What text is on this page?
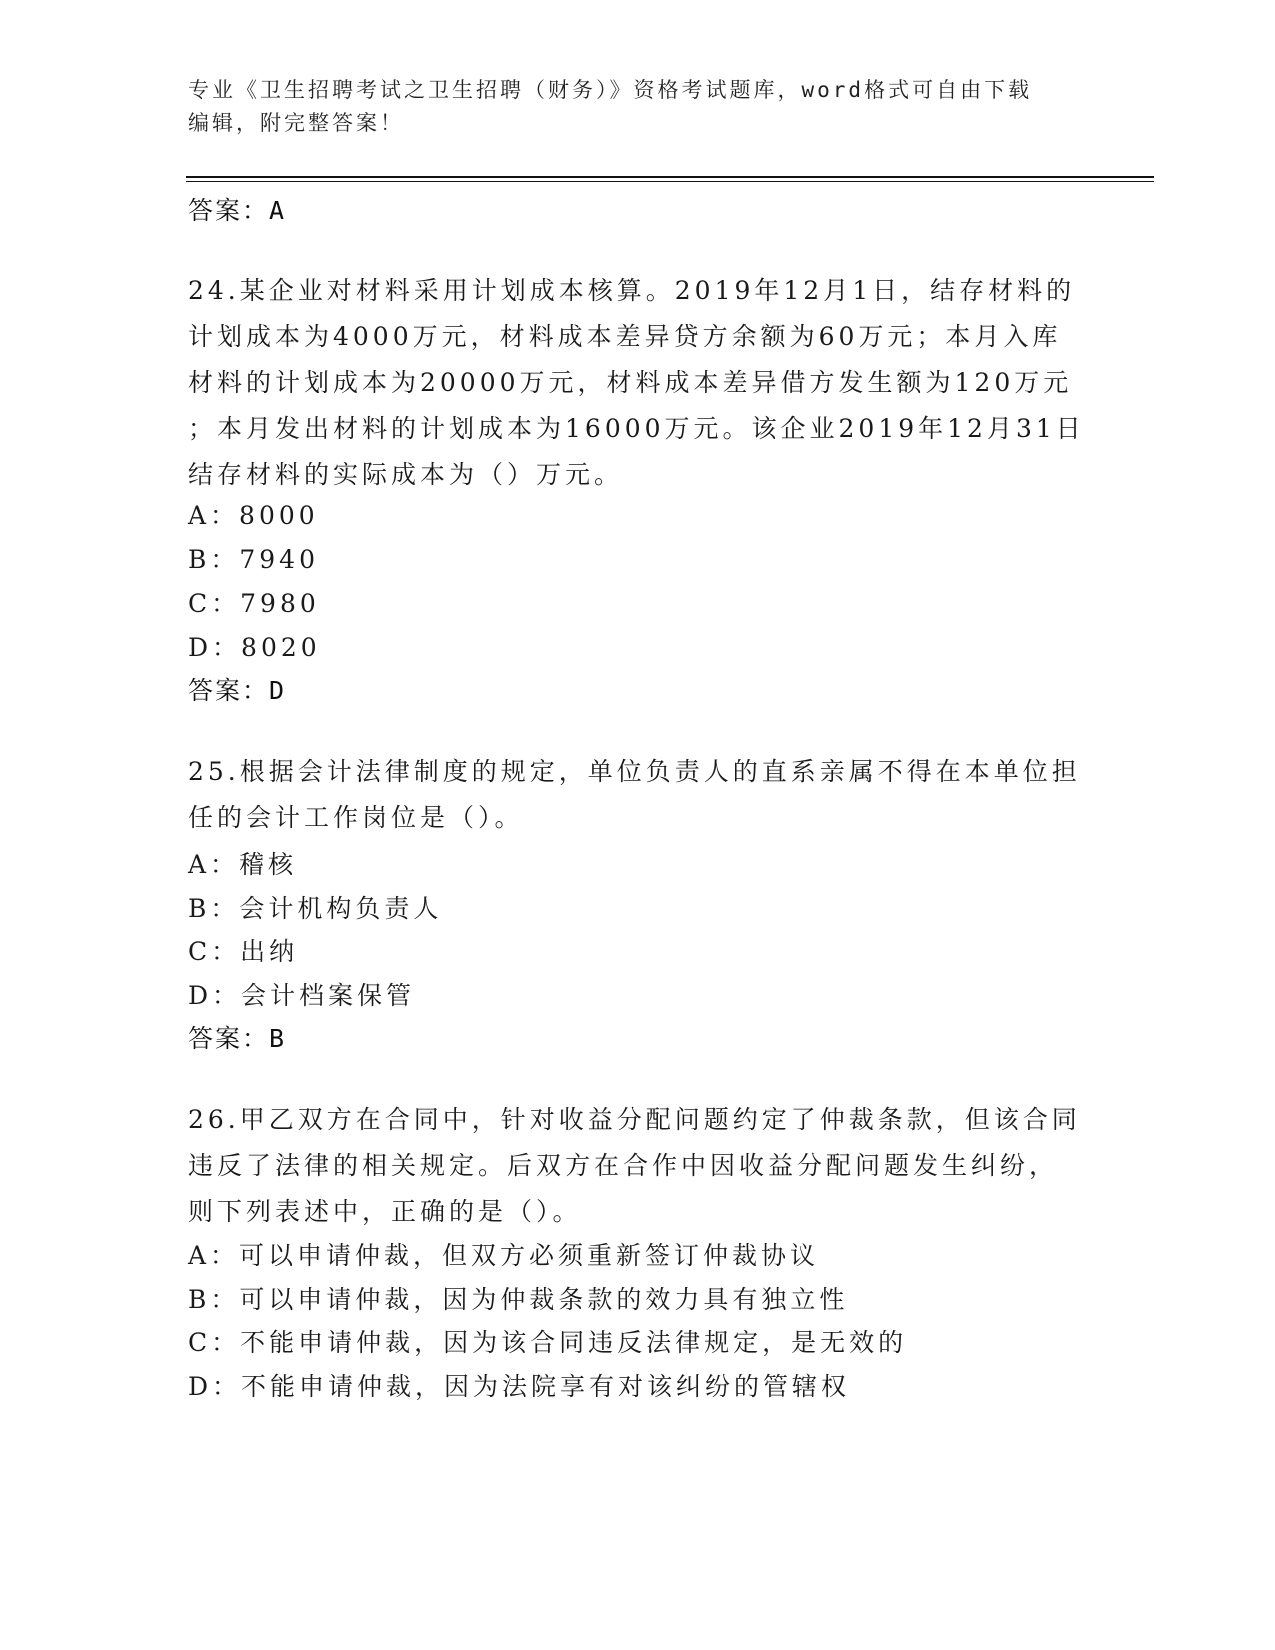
专业《卫生招聘考试之卫生招聘（财务）》资格考试题库，word格式可自由下载
编辑，附完整答案！
答案：A
24.某企业对材料采用计划成本核算。2019年12月1日，结存材料的
计划成本为4000万元，材料成本差异贷方余额为60万元；本月入库
材料的计划成本为20000万元，材料成本差异借方发生额为120万元
；本月发出材料的计划成本为16000万元。该企业2019年12月31日
结存材料的实际成本为（）万元。
A：8000
B：7940
C：7980
D：8020
答案：D
25.根据会计法律制度的规定，单位负责人的直系亲属不得在本单位担
任的会计工作岗位是（）。
A：稽核
B：会计机构负责人
C：出纳
D：会计档案保管
答案：B
26.甲乙双方在合同中，针对收益分配问题约定了仲裁条款，但该合同
违反了法律的相关规定。后双方在合作中因收益分配问题发生纠纷，
则下列表述中，正确的是（）。
A：可以申请仲裁，但双方必须重新签订仲裁协议
B：可以申请仲裁，因为仲裁条款的效力具有独立性
C：不能申请仲裁，因为该合同违反法律规定，是无效的
D：不能申请仲裁，因为法院享有对该纠纷的管辖权
